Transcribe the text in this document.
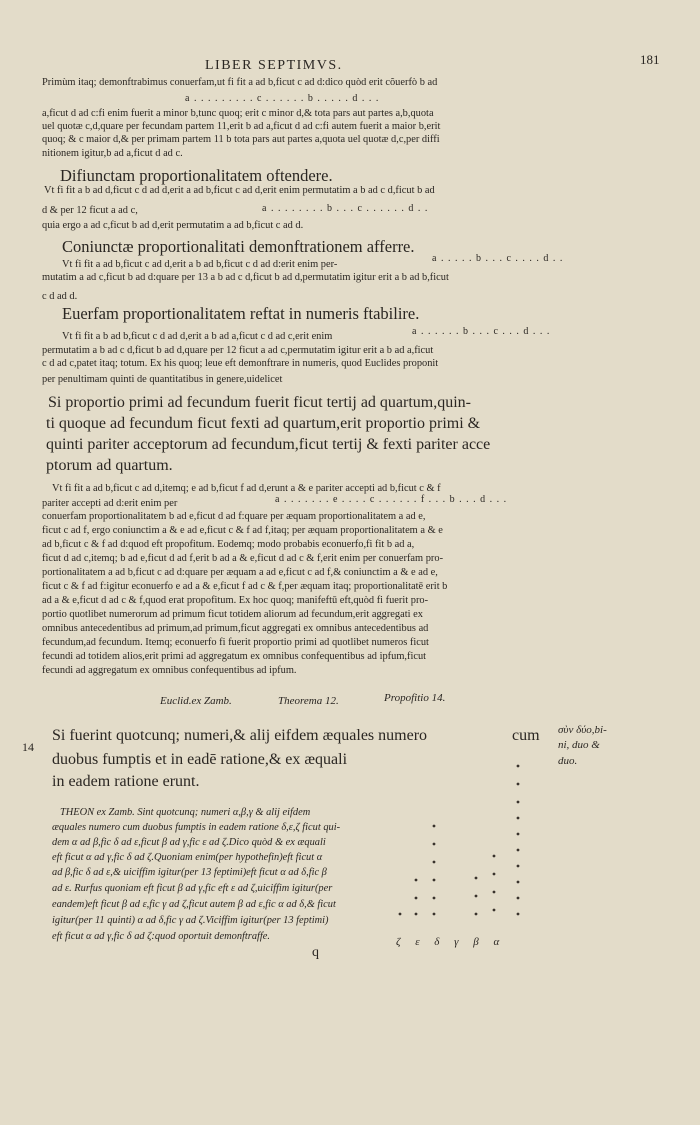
LIBER SEPTIMVS.	181
Primùm itaq; demonftrabimus conuerfam,ut fi fit a ad b,ficut c ad d:dico quòd erit cõuerfò b ad
a . . . . . . . . . c . . . . . . b . . . . . d . . .
a,ficut d ad c:fi enim fuerit a minor b,tunc quoq; erit c minor d,& tota pars aut partes a,b,quota
uel quotæ c,d,quare per fecundam partem 11,erit b ad a,ficut d ad c:fi autem fuerit a maior b,erit
quoq; & c maior d,& per primam partem 11 b tota pars aut partes a,quota uel quotæ d,c,per diffi
nitionem igitur,b ad a,ficut d ad c.
Difiunctam proportionalitatem oftendere.
Vt fi fit a b ad d,ficut c d ad d,erit a ad b,ficut c ad d,erit enim permutatim a b ad c d,ficut b ad
d & per 12 ficut a ad c,	a . . . . . . . . b . . . c . . . . . . d . .
quia ergo a ad c,ficut b ad d,erit permutatim a ad b,ficut c ad d.
Coniunctæ proportionalitati demonftrationem afferre.
Vt fi fit a ad b,ficut c ad d,erit a b ad b,ficut c d ad d:erit enim per-
a . . . . . b . . . c . . . . d . .
mutatim a ad c,ficut b ad d:quare per 13 a b ad c d,ficut b ad d,permutatim igitur erit a b ad b,ficut
c d ad d.
Euerfam proportionalitatem reftat in numeris ftabilire.
Vt fi fit a b ad b,ficut c d ad d,erit a b ad a,ficut c d ad c,erit enim	a . . . . . . b . . . c . . . d . . .
permutatim a b ad c d,ficut b ad d,quare per 12 ficut a ad c,permutatim igitur erit a b ad a,ficut
c d ad c,patet itaq; totum. Ex his quoq; leue eft demonftrare in numeris, quod Euclides proponit
per penultimam quinti de quantitatibus in genere,uidelicet
Si proportio primi ad fecundum fuerit ficut tertij ad quartum,quin-
ti quoque ad fecundum ficut fexti ad quartum,erit proportio primi &
quinti pariter acceptorum ad fecundum,ficut tertij & fexti pariter acce
ptorum ad quartum.
Vt fi fit a ad b,ficut c ad d,itemq; e ad b,ficut f ad d,erunt a & e pariter accepti ad b,ficut c & f
pariter accepti ad d:erit enim per	a . . . . . . . e . . . . c . . . . . . f . . . b . . . d . . .
conuerfam proportionalitatem b ad e,ficut d ad f:quare per æquam proportionalitatem a ad e,
ficut c ad f, ergo coniunctim a & e ad e,ficut c & f ad f,itaq; per æquam proportionalitatem a & e
ad b,ficut c & f ad d:quod eft propofitum. Eodemq; modo probabis econuerfo,fi fit b ad a,
ficut d ad c,itemq; b ad e,ficut d ad f,erit b ad a & e,ficut d ad c & f,erit enim per conuerfam pro-
portionalitatem a ad b,ficut c ad d:quare per æquam a ad e,ficut c ad f,& coniunctim a & e ad e,
ficut c & f ad f:igitur econuerfo e ad a & e,ficut f ad c & f,per æquam itaq; proportionalitatē erit b
ad a & e,ficut d ad c & f,quod erat propofitum. Ex hoc quoq; manifeftū eft,quòd fi fuerit pro-
portio quotlibet numerorum ad primum ficut totidem aliorum ad fecundum,erit aggregati ex
omnibus antecedentibus ad primum,ad primum,ficut aggregati ex omnibus antecedentibus ad
fecundum,ad fecundum. Itemq; econuerfo fi fuerit proportio primi ad quotlibet numeros ficut
fecundi ad totidem alios,erit primi ad aggregatum ex omnibus confequentibus ad ipfum,ficut
fecundi ad aggregatum ex omnibus confequentibus ad ipfum.
Euclid.ex Zamb.	Theorema 12.	Propofitio 14.
14
Si fuerint quotcunq; numeri,& alij eifdem æquales numero	cum
duobus fumptis et in eadē ratione,& ex æquali
in eadem ratione erunt.
σὺν δύο,bi-
ni, duo &
duo.
THEON ex Zamb. Sint quotcunq; numeri α,β,γ & alij eifdem
æquales numero cum duobus fumptis in eadem ratione δ,ε,ζ ficut qui-
dem α ad β,fic δ ad ε,ficut β ad γ,fic ε ad ζ.Dico quòd & ex æquali
eft ficut α ad γ,fic δ ad ζ.Quoniam enim(per hypothefin)eft ficut α
ad β,fic δ ad ε,& uiciffim igitur(per 13 feptimi)eft ficut α ad δ,fic β
ad ε. Rurfus quoniam eft ficut β ad γ,fic eft ε ad ζ,uiciffim igitur(per
eandem)eft ficut β ad ε,fic γ ad ζ,ficut autem β ad ε,fic α ad δ,& ficut
igitur(per 11 quinti) α ad δ,fic γ ad ζ.Viciffim igitur(per 13 feptimi)
eft ficut α ad γ,fic δ ad ζ:quod oportuit demonftraffe.
q
ζ ε δ γ β α
